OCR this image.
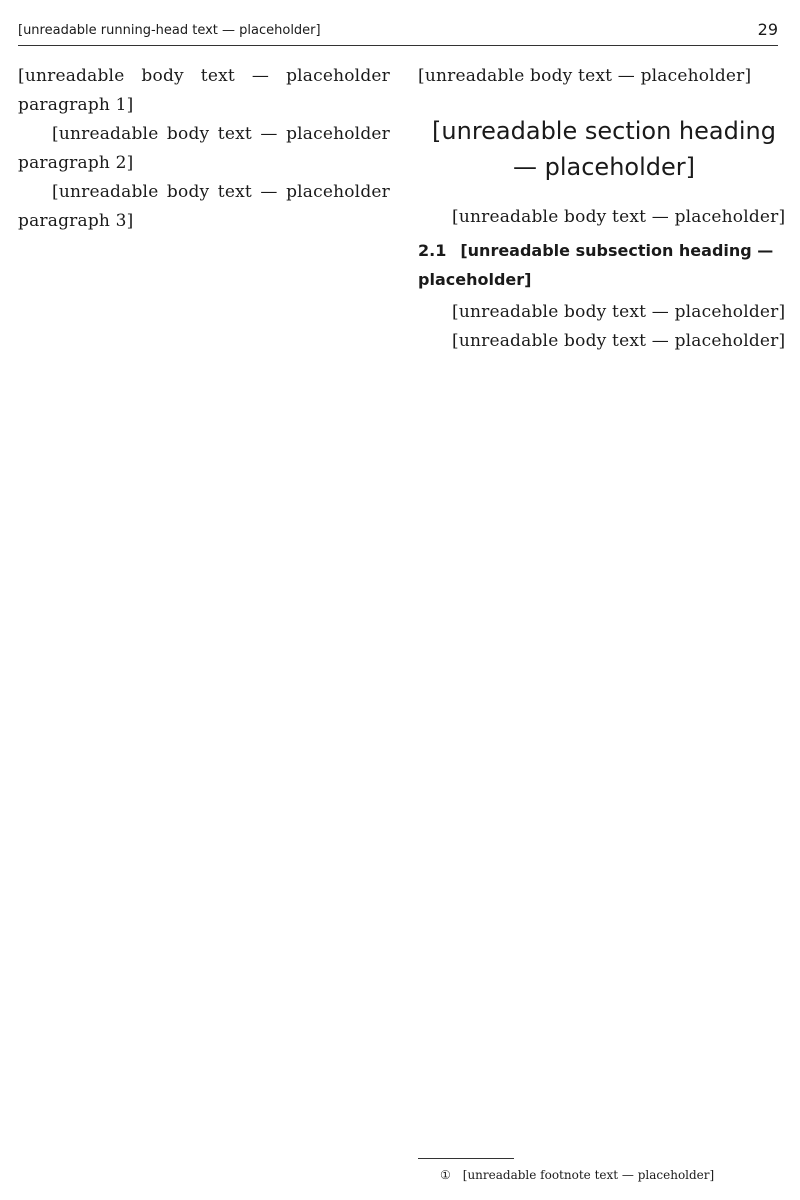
[unreadable running-head text — placeholder]	29

[unreadable body text — placeholder paragraph 1]

[unreadable body text — placeholder paragraph 2]

[unreadable body text — placeholder paragraph 3]

[unreadable body text — placeholder]

[unreadable section heading — placeholder]

[unreadable body text — placeholder]

2.1 [unreadable subsection heading — placeholder]

[unreadable body text — placeholder]

[unreadable body text — placeholder]

① [unreadable footnote text — placeholder]
